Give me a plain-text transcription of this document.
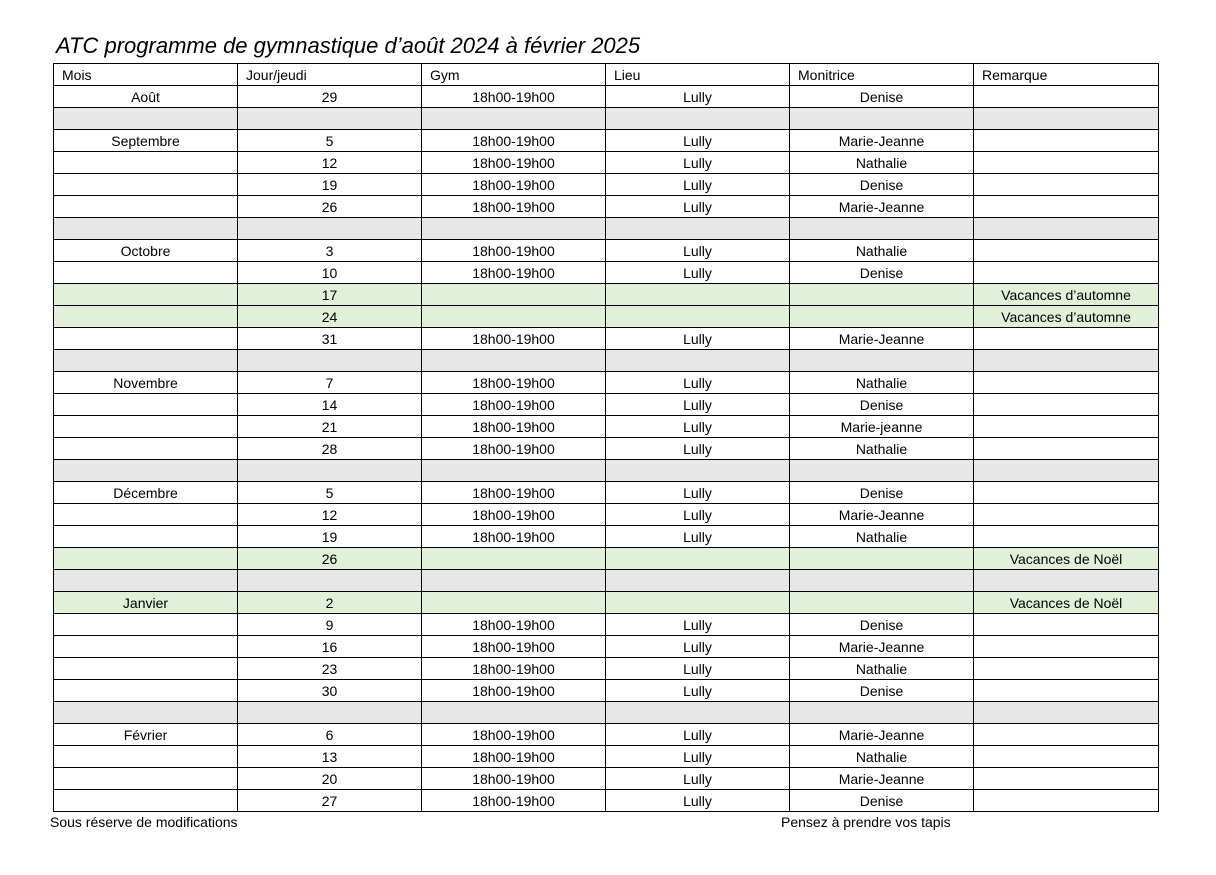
ATC programme de gymnastique d’août 2024 à février 2025
Mois	Jour/jeudi	Gym	Lieu	Monitrice	Remarque
Août	29	18h00-19h00	Lully	Denise	

Septembre	5	18h00-19h00	Lully	Marie-Jeanne	
	12	18h00-19h00	Lully	Nathalie	
	19	18h00-19h00	Lully	Denise	
	26	18h00-19h00	Lully	Marie-Jeanne	

Octobre	3	18h00-19h00	Lully	Nathalie	
	10	18h00-19h00	Lully	Denise	
	17				Vacances d’automne
	24				Vacances d’automne
	31	18h00-19h00	Lully	Marie-Jeanne	

Novembre	7	18h00-19h00	Lully	Nathalie	
	14	18h00-19h00	Lully	Denise	
	21	18h00-19h00	Lully	Marie-jeanne	
	28	18h00-19h00	Lully	Nathalie	

Décembre	5	18h00-19h00	Lully	Denise	
	12	18h00-19h00	Lully	Marie-Jeanne	
	19	18h00-19h00	Lully	Nathalie	
	26				Vacances de Noël

Janvier	2				Vacances de Noël
	9	18h00-19h00	Lully	Denise	
	16	18h00-19h00	Lully	Marie-Jeanne	
	23	18h00-19h00	Lully	Nathalie	
	30	18h00-19h00	Lully	Denise	

Février	6	18h00-19h00	Lully	Marie-Jeanne	
	13	18h00-19h00	Lully	Nathalie	
	20	18h00-19h00	Lully	Marie-Jeanne	
	27	18h00-19h00	Lully	Denise	
Sous réserve de modifications	Pensez à prendre vos tapis
